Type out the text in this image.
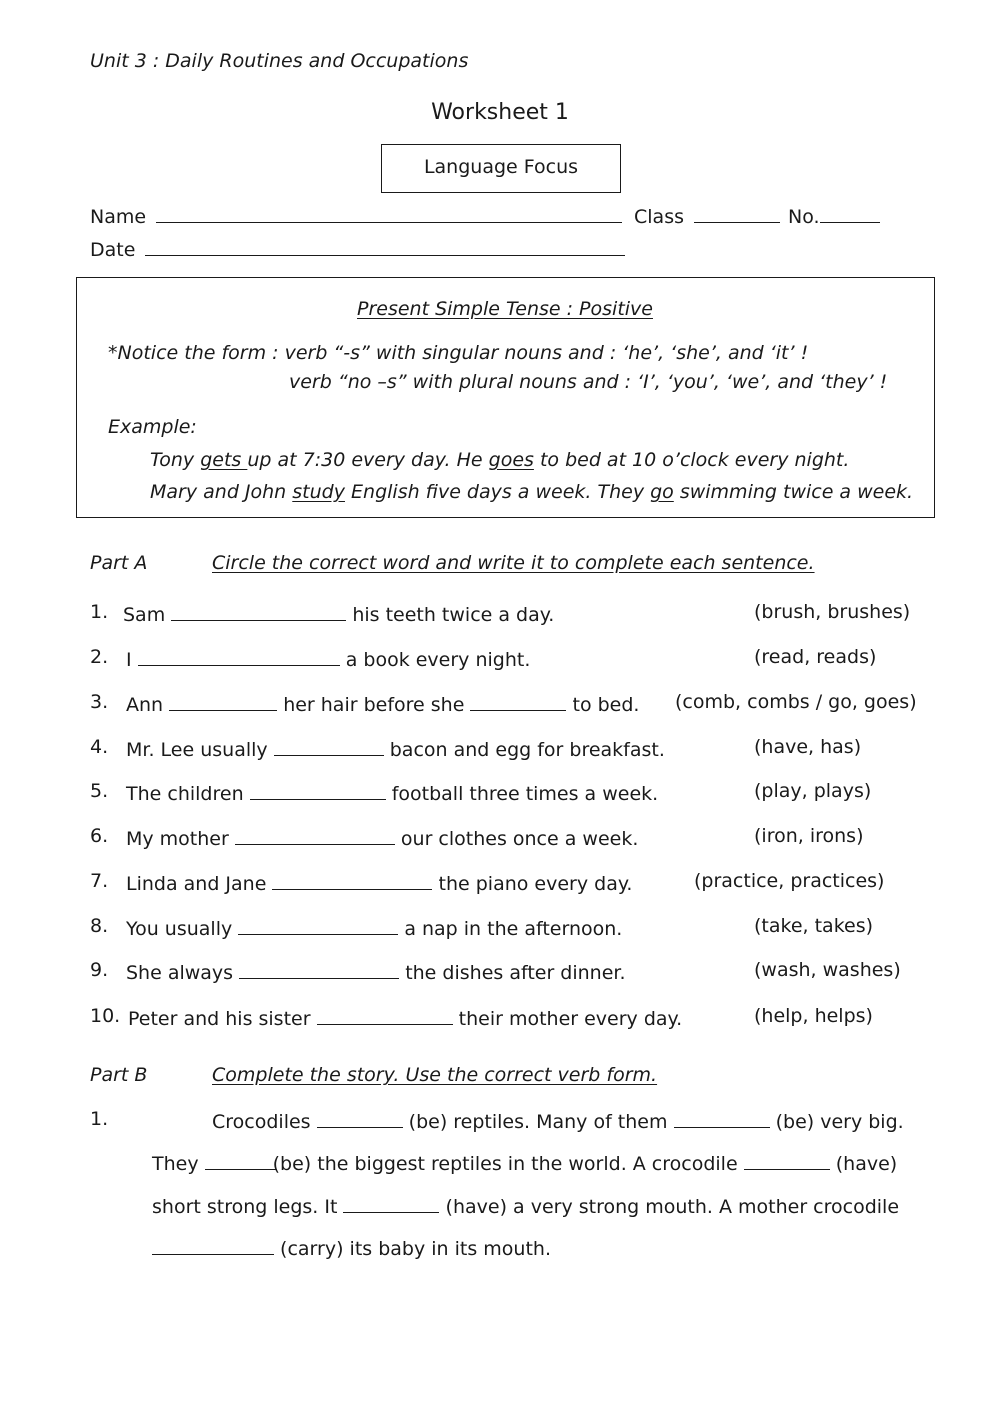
Unit 3 : Daily Routines and Occupations
Worksheet 1
Language Focus
Name	Class	No.
Date
Present Simple Tense : Positive
*Notice the form : verb “-s” with singular nouns and : ‘he’, ‘she’, and ‘it’ !
verb “no –s” with plural nouns and : ‘I’, ‘you’, ‘we’, and ‘they’ !
Example:
Tony gets up at 7:30 every day. He goes to bed at 10 o’clock every night.
Mary and John study English five days a week. They go swimming twice a week.
Part A	Circle the correct word and write it to complete each sentence.
1. Sam	his teeth twice a day.	(brush, brushes)
2. I	a book every night.	(read, reads)
3. Ann	her hair before she	to bed. (comb, combs / go, goes)
4. Mr. Lee usually	bacon and egg for breakfast.	(have, has)
5. The children	football three times a week.	(play, plays)
6. My mother	our clothes once a week.	(iron, irons)
7. Linda and Jane	the piano every day.	(practice, practices)
8. You usually	a nap in the afternoon.	(take, takes)
9. She always	the dishes after dinner.	(wash, washes)
10. Peter and his sister	their mother every day.	(help, helps)
Part B	Complete the story. Use the correct verb form.
1.	Crocodiles	(be) reptiles. Many of them	(be) very big.
They	(be) the biggest reptiles in the world. A crocodile	(have)
short strong legs. It	(have) a very strong mouth. A mother crocodile
(carry) its baby in its mouth.
